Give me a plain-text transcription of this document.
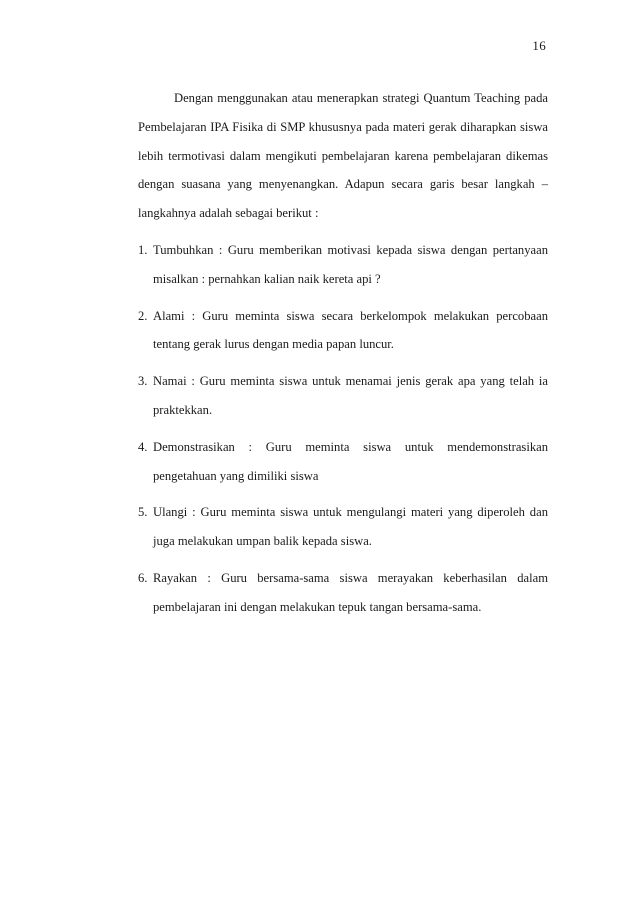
16

Dengan menggunakan atau menerapkan strategi Quantum Teaching pada Pembelajaran IPA Fisika di SMP khususnya pada materi gerak diharapkan siswa lebih termotivasi dalam mengikuti pembelajaran karena pembelajaran dikemas dengan suasana yang menyenangkan. Adapun secara garis besar langkah – langkahnya adalah sebagai berikut :

1. Tumbuhkan : Guru memberikan motivasi kepada siswa dengan pertanyaan misalkan : pernahkan kalian naik kereta api ?
2. Alami : Guru meminta siswa secara berkelompok melakukan percobaan tentang gerak lurus dengan media papan luncur.
3. Namai : Guru meminta siswa untuk menamai jenis gerak apa yang telah ia praktekkan.
4. Demonstrasikan : Guru meminta siswa untuk mendemonstrasikan pengetahuan yang dimiliki siswa
5. Ulangi : Guru meminta siswa untuk mengulangi materi yang diperoleh dan juga melakukan umpan balik kepada siswa.
6. Rayakan : Guru bersama-sama siswa merayakan keberhasilan dalam pembelajaran ini dengan melakukan tepuk tangan bersama-sama.
